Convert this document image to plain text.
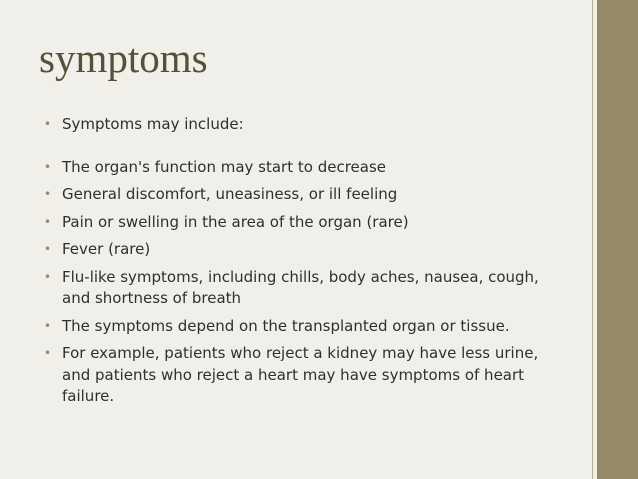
symptoms
• Symptoms may include:
• The organ's function may start to decrease
• General discomfort, uneasiness, or ill feeling
• Pain or swelling in the area of the organ (rare)
• Fever (rare)
• Flu-like symptoms, including chills, body aches, nausea, cough, and shortness of breath
• The symptoms depend on the transplanted organ or tissue.
• For example, patients who reject a kidney may have less urine, and patients who reject a heart may have symptoms of heart failure.
